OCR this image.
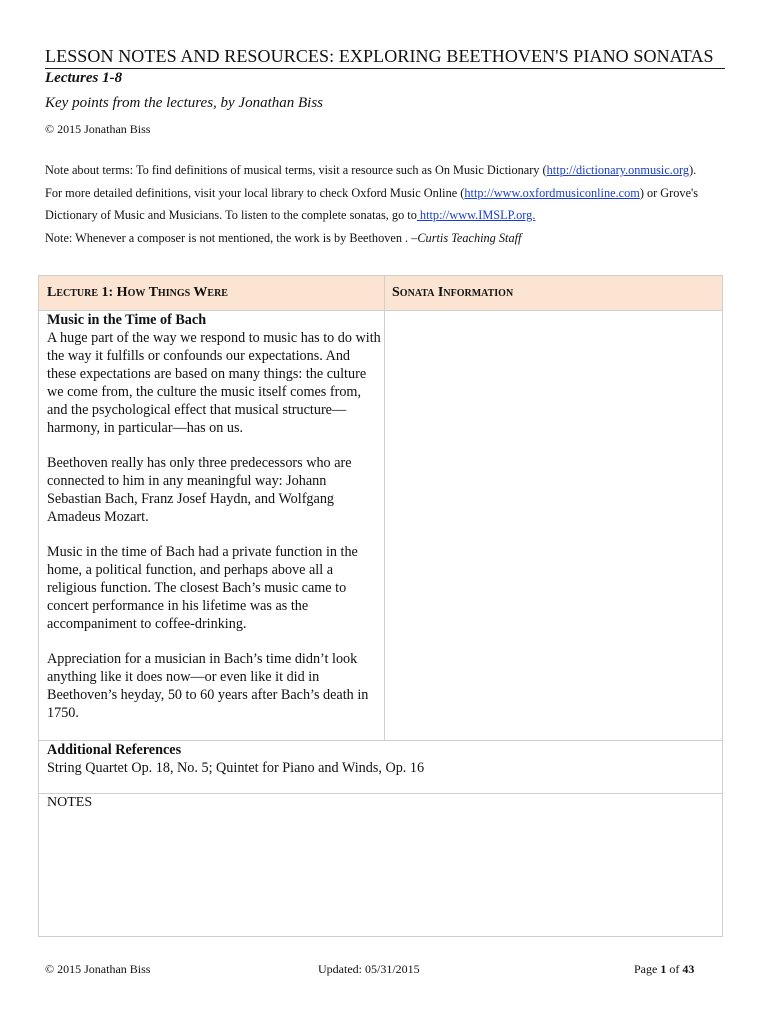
LESSON NOTES AND RESOURCES: EXPLORING BEETHOVEN'S PIANO SONATAS
Lectures 1-8
Key points from the lectures, by Jonathan Biss
© 2015 Jonathan Biss
Note about terms: To find definitions of musical terms, visit a resource such as On Music Dictionary (http://dictionary.onmusic.org).
For more detailed definitions, visit your local library to check Oxford Music Online (http://www.oxfordmusiconline.com) or Grove's
Dictionary of Music and Musicians. To listen to the complete sonatas, go to http://www.IMSLP.org.
Note: Whenever a composer is not mentioned, the work is by Beethoven . –Curtis Teaching Staff
Lecture 1: How Things Were	Sonata Information
Music in the Time of Bach

A huge part of the way we respond to music has to do with the way it fulfills or confounds our expectations. And these expectations are based on many things: the culture we come from, the culture the music itself comes from, and the psychological effect that musical structure—harmony, in particular—has on us.

Beethoven really has only three predecessors who are connected to him in any meaningful way: Johann Sebastian Bach, Franz Josef Haydn, and Wolfgang Amadeus Mozart.

Music in the time of Bach had a private function in the home, a political function, and perhaps above all a religious function. The closest Bach’s music came to concert performance in his lifetime was as the accompaniment to coffee-drinking.

Appreciation for a musician in Bach’s time didn’t look anything like it does now—or even like it did in Beethoven’s heyday, 50 to 60 years after Bach’s death in 1750.

Additional References
String Quartet Op. 18, No. 5; Quintet for Piano and Winds, Op. 16
NOTES
© 2015 Jonathan Biss	Updated: 05/31/2015	Page 1 of 43
